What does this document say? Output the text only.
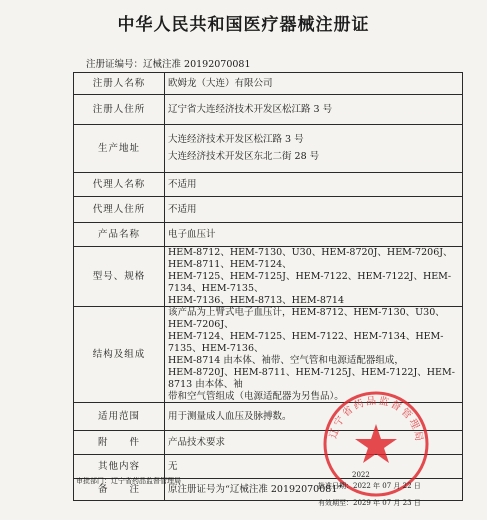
中华人民共和国医疗器械注册证
注册证编号：辽械注准 20192070081
注册人名称	欧姆龙（大连）有限公司
注册人住所	辽宁省大连经济技术开发区松江路 3 号
生产地址	大连经济技术开发区松江路 3 号
大连经济技术开发区东北二街 28 号

代理人名称	不适用
代理人住所	不适用
产品名称	电子血压计
型号、规格	HEM-8712、HEM-7130、U30、HEM-8720J、HEM-7206J、HEM-8711、HEM-7124、
HEM-7125、HEM-7125J、HEM-7122、HEM-7122J、HEM-7134、HEM-7135、
HEM-7136、HEM-8713、HEM-8714

结构及组成	该产品为上臂式电子血压计，HEM-8712、HEM-7130、U30、HEM-7206J、
HEM-7124、HEM-7125、HEM-7122、HEM-7134、HEM-7135、HEM-7136、
HEM-8714 由本体、袖带、空气管和电源适配器组成，
HEM-8720J、HEM-8711、HEM-7125J、HEM-7122J、HEM-8713 由本体、袖
带和空气管组成（电源适配器为另售品）。

适用范围	用于测量成人血压及脉搏数。
附　　件	产品技术要求
其他内容	无
备　　注	原注册证号为“辽械注准 20192070081”
辽宁省药品监督管理局
审批部门：辽宁省药品监督管理局
2022
批准日期：2022 年 07 月 22 日
有效期至：2029 年 07 月 23 日
